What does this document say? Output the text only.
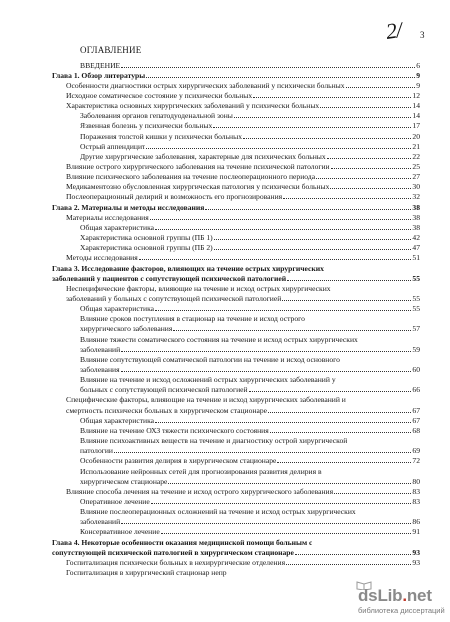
2/ 3
ОГЛАВЛЕНИЕ
ВВЕДЕНИЕ	6
Глава 1. Обзор литературы	9
Особенности диагностики острых хирургических заболеваний у психически больных	9
Исходное соматическое состояние у психически больных	12
Характеристика основных хирургических заболеваний у психически больных	14
Заболевания органов гепатодуоденальной зоны	14
Язвенная болезнь у психически больных	17
Поражения толстой кишки у психически больных	20
Острый аппендицит	21
Другие хирургические заболевания, характерные для психических больных	22
Влияние острого хирургического заболевания на течение психической патологии	25
Влияние психического заболевания на течение послеоперационного периода	27
Медикаментозно обусловленная хирургическая патология у психически больных	30
Послеоперационный делирий и возможность его прогнозирования	32
Глава 2. Материалы и методы исследования	38
Материалы исследования	38
Общая характеристика	38
Характеристика основной группы (ПБ 1)	42
Характеристика основной группы (ПБ 2)	47
Методы исследования	51
Глава 3. Исследование факторов, влияющих на течение острых хирургических
заболеваний у пациентов с сопутствующей психической патологией	55
Неспецифические факторы, влияющие на течение и исход острых хирургических
заболеваний у больных с сопутствующей психической патологией	55
Общая характеристика	55
Влияние сроков поступления в стационар на течение и исход острого
хирургического заболевания	57
Влияние тяжести соматического состояния на течение и исход острых хирургических
заболеваний	59
Влияние сопутствующей соматической патологии на течение и исход основного
заболевания	60
Влияние на течение и исход осложнений острых хирургических заболеваний у
больных с сопутствующей психической патологией	66
Специфические факторы, влияющие на течение и исход хирургических заболеваний и
смертность психически больных в хирургическом стационаре	67
Общая характеристика	67
Влияние на течение ОХЗ тяжести психического состояния	68
Влияние психоактивных веществ на течение и диагностику острой хирургической
патологии	69
Особенности развития делирия в хирургическом стационаре	72
Использование нейронных сетей для прогнозирования развития делирия в
хирургическом стационаре	80
Влияние способа лечения на течение и исход острого хирургического заболевания	83
Оперативное лечение	83
Влияние послеоперационных осложнений на течение и исход острых хирургических
заболеваний	86
Консервативное лечение	91
Глава 4. Некоторые особенности оказания медицинской помощи больным с
сопутствующей психической патологией в хирургическом стационаре	93
Госпитализация психически больных в нехирургические отделения	93
Госпитализация в хирургический стационар непр
dsLib.net
библиотека диссертаций
